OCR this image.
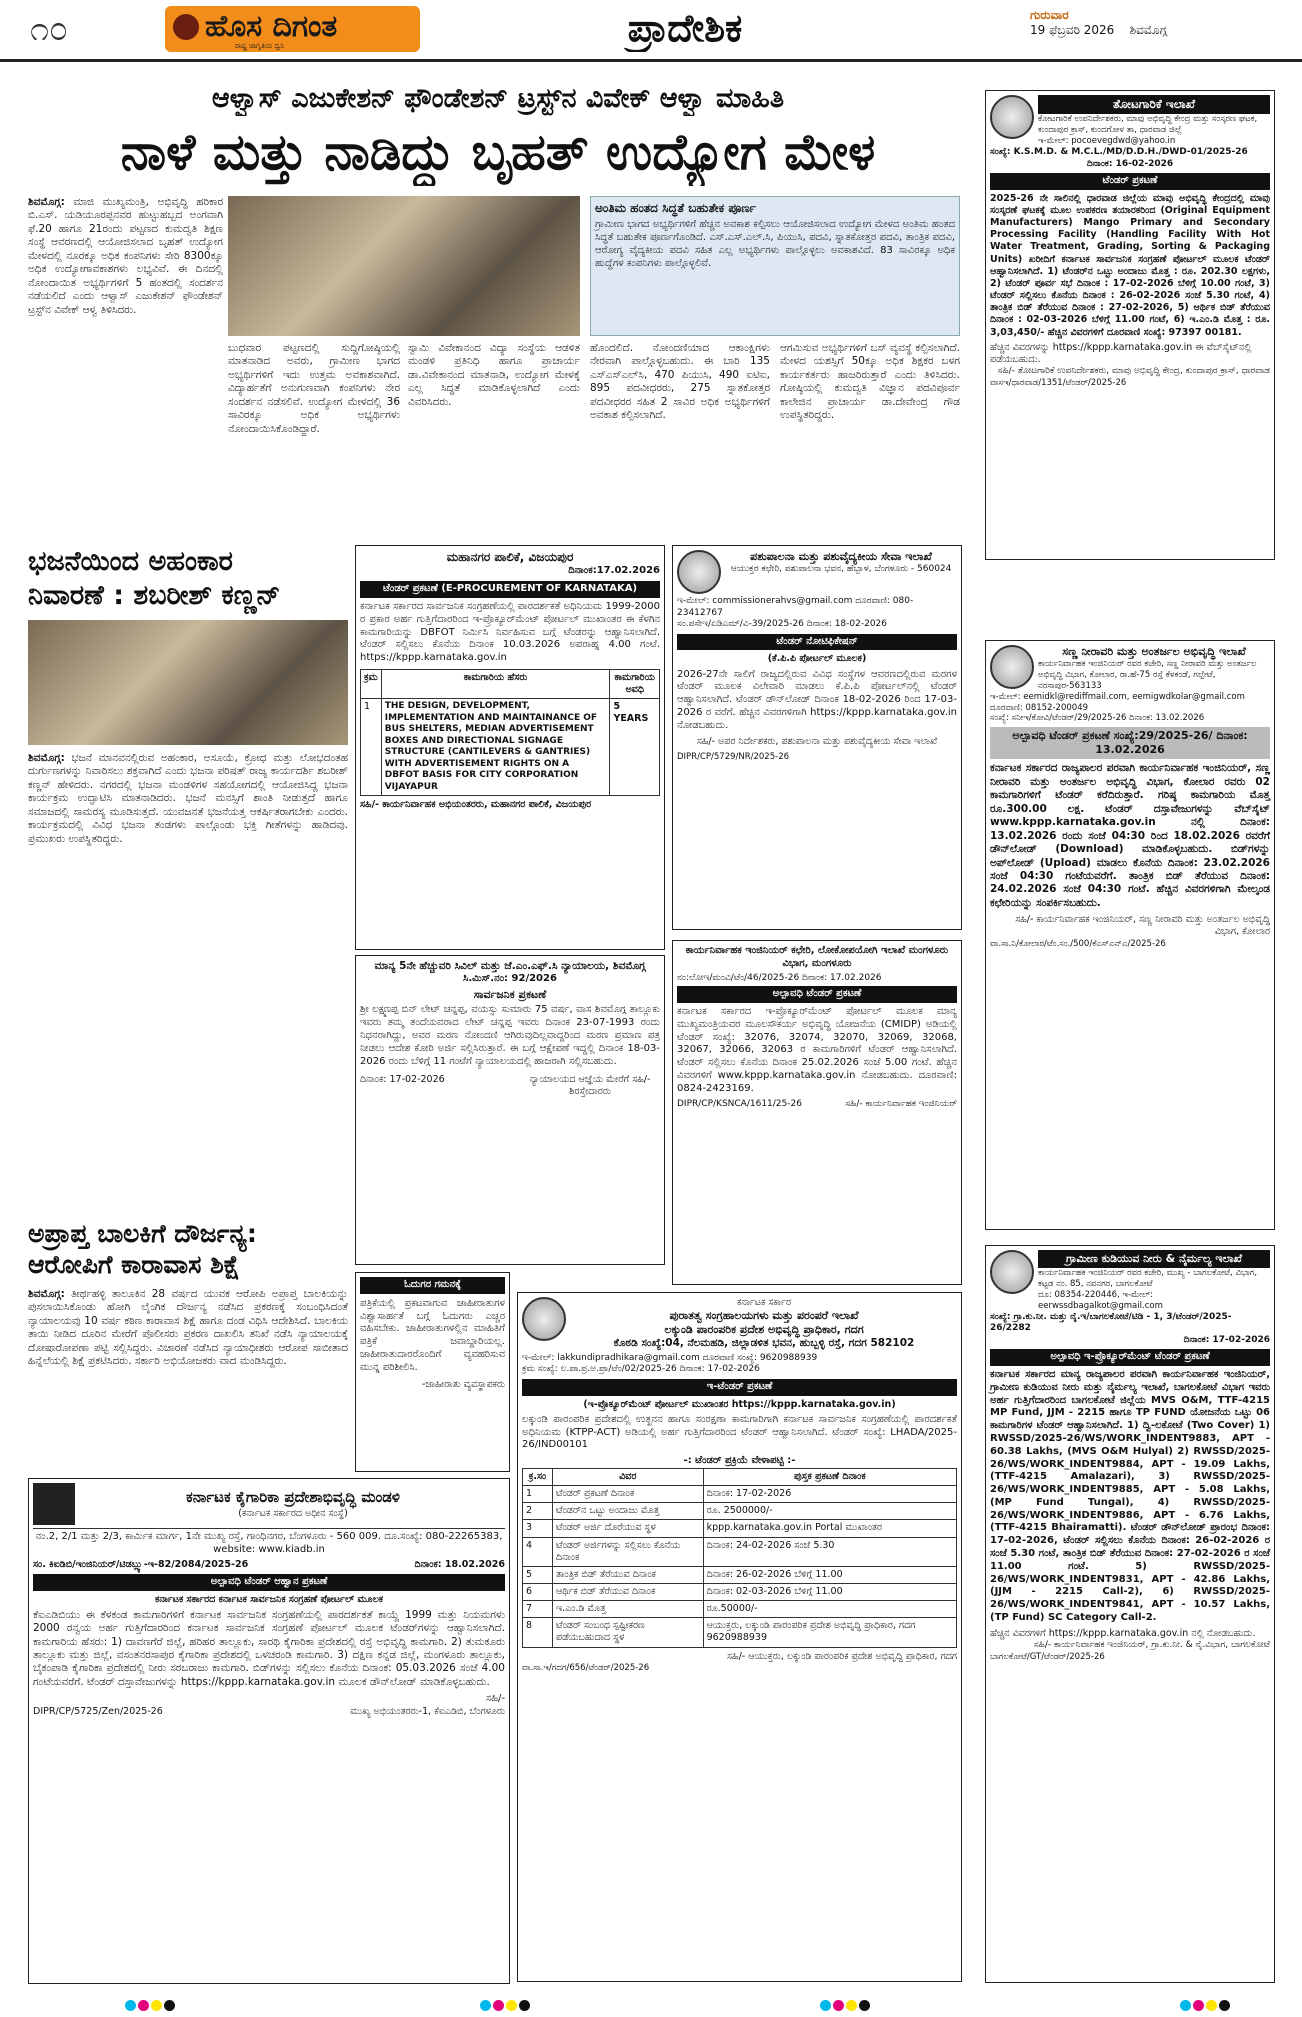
೧೦	ಹೊಸ ದಿಗಂತ
ರಾಷ್ಟ್ರ ಜಾಗೃತಿಯ ಧ್ವನಿ	ಪ್ರಾದೇಶಿಕ	ಗುರುವಾರ
19 ಫೆಬ್ರವರಿ 2026 ಶಿವಮೊಗ್ಗ
ಆಳ್ವಾಸ್ ಎಜುಕೇಶನ್ ಫೌಂಡೇಶನ್ ಟ್ರಸ್ಟ್‌ನ ವಿವೇಕ್ ಆಳ್ವಾ ಮಾಹಿತಿ
ನಾಳೆ ಮತ್ತು ನಾಡಿದ್ದು ಬೃಹತ್ ಉದ್ಯೋಗ ಮೇಳ

ಶಿವಮೊಗ್ಗ: ಮಾಜಿ ಮುಖ್ಯಮಂತ್ರಿ, ಅಭಿವೃದ್ಧಿ ಹರಿಕಾರ ಬಿ.ಎಸ್. ಯಡಿಯೂರಪ್ಪನವರ ಹುಟ್ಟುಹಬ್ಬದ ಅಂಗವಾಗಿ ಫೆ.20 ಹಾಗೂ 21ರಂದು ಪಟ್ಟಣದ ಕುಮದ್ವತಿ ಶಿಕ್ಷಣ ಸಂಸ್ಥೆ ಆವರಣದಲ್ಲಿ ಆಯೋಜಿಸಲಾದ ಬೃಹತ್ ಉದ್ಯೋಗ ಮೇಳದಲ್ಲಿ ನೂರಕ್ಕೂ ಅಧಿಕ ಕಂಪನಿಗಳು ಸೇರಿ 8300ಕ್ಕೂ ಅಧಿಕ ಉದ್ಯೋಗಾವಕಾಶಗಳು ಲಭ್ಯವಿವೆ. ಈ ದಿನದಲ್ಲಿ ನೋಂದಾಯಿತ ಅಭ್ಯರ್ಥಿಗಳಿಗೆ 5 ಹಂತದಲ್ಲಿ ಸಂದರ್ಶನ ನಡೆಯಲಿದೆ ಎಂದು ಆಳ್ವಾಸ್ ಎಜುಕೇಶನ್ ಫೌಂಡೇಶನ್ ಟ್ರಸ್ಟ್‌ನ ವಿವೇಕ್ ಆಳ್ವ ತಿಳಿಸಿದರು.

ಬುಧವಾರ ಪಟ್ಟಣದಲ್ಲಿ ಸುದ್ದಿಗೋಷ್ಠಿಯಲ್ಲಿ ಮಾತನಾಡಿದ ಅವರು, ಗ್ರಾಮೀಣ ಭಾಗದ ಅಭ್ಯರ್ಥಿಗಳಿಗೆ ಇದು ಉತ್ತಮ ಅವಕಾಶವಾಗಿದೆ. ವಿದ್ಯಾರ್ಹತೆಗೆ ಅನುಗುಣವಾಗಿ ಕಂಪನಿಗಳು ನೇರ ಸಂದರ್ಶನ ನಡೆಸಲಿವೆ. ಉದ್ಯೋಗ ಮೇಳದಲ್ಲಿ 36 ಸಾವಿರಕ್ಕೂ ಅಧಿಕ ಅಭ್ಯರ್ಥಿಗಳು ನೋಂದಾಯಿಸಿಕೊಂಡಿದ್ದಾರೆ.

ಸ್ವಾಮಿ ವಿವೇಕಾನಂದ ವಿದ್ಯಾ ಸಂಸ್ಥೆಯ ಆಡಳಿತ ಮಂಡಳಿ ಪ್ರತಿನಿಧಿ ಹಾಗೂ ಪ್ರಾಚಾರ್ಯ ಡಾ.ವಿವೇಕಾನಂದ ಮಾತನಾಡಿ, ಉದ್ಯೋಗ ಮೇಳಕ್ಕೆ ಎಲ್ಲ ಸಿದ್ಧತೆ ಮಾಡಿಕೊಳ್ಳಲಾಗಿದೆ ಎಂದು ವಿವರಿಸಿದರು.

ಅಂತಿಮ ಹಂತದ ಸಿದ್ಧತೆ ಬಹುತೇಕ ಪೂರ್ಣ

ಗ್ರಾಮೀಣ ಭಾಗದ ಅಭ್ಯರ್ಥಿಗಳಿಗೆ ಹೆಚ್ಚಿನ ಅವಕಾಶ ಕಲ್ಪಿಸಲು ಆಯೋಜಿಸಲಾದ ಉದ್ಯೋಗ ಮೇಳದ ಅಂತಿಮ ಹಂತದ ಸಿದ್ಧತೆ ಬಹುತೇಕ ಪೂರ್ಣಗೊಂಡಿದೆ. ಎಸ್.ಎಸ್.ಎಲ್.ಸಿ, ಪಿಯುಸಿ, ಪದವಿ, ಸ್ನಾತಕೋತ್ತರ ಪದವಿ, ತಾಂತ್ರಿಕ ಪದವಿ, ಆರೋಗ್ಯ ವೈದ್ಯಕೀಯ ಪದವಿ ಸಹಿತ ಎಲ್ಲ ಅಭ್ಯರ್ಥಿಗಳು ಪಾಲ್ಗೊಳ್ಳಲು ಅವಕಾಶವಿದೆ. 83 ಸಾವಿರಕ್ಕೂ ಅಧಿಕ ಹುದ್ದೆಗಳ ಕಂಪನಿಗಳು ಪಾಲ್ಗೊಳ್ಳಲಿವೆ.

ಹೊಂದಲಿದೆ. ನೋಂದಣಿಯಾದ ಆಕಾಂಕ್ಷಿಗಳು ನೇರವಾಗಿ ಪಾಲ್ಗೊಳ್ಳಬಹುದು. ಈ ಬಾರಿ 135 ಎಸ್ಎಸ್ಎಲ್‌ಸಿ, 470 ಪಿಯುಸಿ, 490 ಐಟಿಐ, 895 ಪದವೀಧರರು, 275 ಸ್ನಾತಕೋತ್ತರ ಪದವೀಧರರ ಸಹಿತ 2 ಸಾವಿರ ಅಧಿಕ ಅಭ್ಯರ್ಥಿಗಳಿಗೆ ಅವಕಾಶ ಕಲ್ಪಿಸಲಾಗಿದೆ.

ಆಗಮಿಸುವ ಅಭ್ಯರ್ಥಿಗಳಿಗೆ ಬಸ್ ವ್ಯವಸ್ಥೆ ಕಲ್ಪಿಸಲಾಗಿದೆ. ಮೇಳದ ಯಶಸ್ಸಿಗೆ 50ಕ್ಕೂ ಅಧಿಕ ಶಿಕ್ಷಕರ ಬಳಗ ಕಾರ್ಯಕರ್ತರು ಹಾಜರಿರುತ್ತಾರೆ ಎಂದು ತಿಳಿಸಿದರು. ಗೋಷ್ಠಿಯಲ್ಲಿ ಕುಮದ್ವತಿ ವಿಜ್ಞಾನ ಪದವಿಪೂರ್ವ ಕಾಲೇಜಿನ ಪ್ರಾಚಾರ್ಯ ಡಾ.ದೇವೇಂದ್ರ ಗೌಡ ಉಪಸ್ಥಿತರಿದ್ದರು.

ಭಜನೆಯಿಂದ ಅಹಂಕಾರ
ನಿವಾರಣೆ : ಶಬರೀಶ್ ಕಣ್ಣನ್

ಶಿವಮೊಗ್ಗ: ಭಜನೆ ಮಾನವನಲ್ಲಿರುವ ಅಹಂಕಾರ, ಅಸೂಯೆ, ಕ್ರೋಧ ಮತ್ತು ಲೋಭದಂತಹ ದುರ್ಗುಣಗಳನ್ನು ನಿವಾರಿಸಲು ಶಕ್ತವಾಗಿದೆ ಎಂದು ಭಜನಾ ಪರಿಷತ್ ರಾಜ್ಯ ಕಾರ್ಯದರ್ಶಿ ಶಬರೀಶ್ ಕಣ್ಣನ್ ಹೇಳಿದರು. ನಗರದಲ್ಲಿ ಭಜನಾ ಮಂಡಳಿಗಳ ಸಹಯೋಗದಲ್ಲಿ ಆಯೋಜಿಸಿದ್ದ ಭಜನಾ ಕಾರ್ಯಕ್ರಮ ಉದ್ಘಾಟಿಸಿ ಮಾತನಾಡಿದರು. ಭಜನೆ ಮನಸ್ಸಿಗೆ ಶಾಂತಿ ನೀಡುತ್ತದೆ ಹಾಗೂ ಸಮಾಜದಲ್ಲಿ ಸಾಮರಸ್ಯ ಮೂಡಿಸುತ್ತದೆ. ಯುವಜನತೆ ಭಜನೆಯತ್ತ ಆಕರ್ಷಿತರಾಗಬೇಕು ಎಂದರು. ಕಾರ್ಯಕ್ರಮದಲ್ಲಿ ವಿವಿಧ ಭಜನಾ ತಂಡಗಳು ಪಾಲ್ಗೊಂಡು ಭಕ್ತಿ ಗೀತೆಗಳನ್ನು ಹಾಡಿದವು. ಪ್ರಮುಖರು ಉಪಸ್ಥಿತರಿದ್ದರು.

ಅಪ್ರಾಪ್ತ ಬಾಲಕಿಗೆ ದೌರ್ಜನ್ಯ:
ಆರೋಪಿಗೆ ಕಾರಾವಾಸ ಶಿಕ್ಷೆ

ಶಿವಮೊಗ್ಗ: ತೀರ್ಥಹಳ್ಳಿ ತಾಲೂಕಿನ 28 ವರ್ಷದ ಯುವಕ ಆರೋಪಿ ಅಪ್ರಾಪ್ತ ಬಾಲಕಿಯನ್ನು ಪುಸಲಾಯಿಸಿಕೊಂಡು ಹೋಗಿ ಲೈಂಗಿಕ ದೌರ್ಜನ್ಯ ನಡೆಸಿದ ಪ್ರಕರಣಕ್ಕೆ ಸಂಬಂಧಿಸಿದಂತೆ ನ್ಯಾಯಾಲಯವು 10 ವರ್ಷ ಕಠಿಣ ಕಾರಾವಾಸ ಶಿಕ್ಷೆ ಹಾಗೂ ದಂಡ ವಿಧಿಸಿ ಆದೇಶಿಸಿದೆ. ಬಾಲಕಿಯ ತಾಯಿ ನೀಡಿದ ದೂರಿನ ಮೇರೆಗೆ ಪೊಲೀಸರು ಪ್ರಕರಣ ದಾಖಲಿಸಿ ತನಿಖೆ ನಡೆಸಿ ನ್ಯಾಯಾಲಯಕ್ಕೆ ದೋಷಾರೋಪಣಾ ಪಟ್ಟಿ ಸಲ್ಲಿಸಿದ್ದರು. ವಿಚಾರಣೆ ನಡೆಸಿದ ನ್ಯಾಯಾಧೀಶರು ಆರೋಪ ಸಾಬೀತಾದ ಹಿನ್ನೆಲೆಯಲ್ಲಿ ಶಿಕ್ಷೆ ಪ್ರಕಟಿಸಿದರು. ಸರ್ಕಾರಿ ಅಭಿಯೋಜಕರು ವಾದ ಮಂಡಿಸಿದ್ದರು.

ಮಹಾನಗರ ಪಾಲಿಕೆ, ವಿಜಯಪುರ
ದಿನಾಂಕ:17.02.2026
ಟೆಂಡರ್ ಪ್ರಕಟಣೆ (E-PROCUREMENT OF KARNATAKA)

ಕರ್ನಾಟಕ ಸರ್ಕಾರದ ಸಾರ್ವಜನಿಕ ಸಂಗ್ರಹಣೆಯಲ್ಲಿ ಪಾರದರ್ಶಕತೆ ಅಧಿನಿಯಮ 1999-2000 ರ ಪ್ರಕಾರ ಅರ್ಹ ಗುತ್ತಿಗೆದಾರರಿಂದ ಇ-ಪ್ರೊಕ್ಯೂರ್‌ಮೆಂಟ್ ಪೋರ್ಟಲ್ ಮುಖಾಂತರ ಈ ಕೆಳಗಿನ ಕಾಮಗಾರಿಯನ್ನು DBFOT ನಿರ್ಮಿಸಿ ನಿರ್ವಹಿಸುವ ಬಗ್ಗೆ ಟೆಂಡರನ್ನು ಆಹ್ವಾನಿಸಲಾಗಿದೆ. ಟೆಂಡರ್ ಸಲ್ಲಿಸಲು ಕೊನೆಯ ದಿನಾಂಕ 10.03.2026 ಅಪರಾಹ್ನ 4.00 ಗಂಟೆ. https://kppp.karnataka.gov.in

ಕ್ರಮ	ಕಾಮಗಾರಿಯ ಹೆಸರು	ಕಾಮಗಾರಿಯ ಅವಧಿ
1	THE DESIGN, DEVELOPMENT, IMPLEMENTATION AND MAINTAINANCE OF BUS SHELTERS, MEDIAN ADVERTISEMENT BOXES AND DIRECTIONAL SIGNAGE STRUCTURE (CANTILEVERS & GANTRIES) WITH ADVERTISEMENT RIGHTS ON A DBFOT BASIS FOR CITY CORPORATION VIJAYAPUR	5 YEARS
ಸಹಿ/- ಕಾರ್ಯನಿರ್ವಾಹಕ ಅಭಿಯಂತರರು, ಮಹಾನಗರ ಪಾಲಿಕೆ, ವಿಜಯಪುರ
ಪಶುಪಾಲನಾ ಮತ್ತು ಪಶುವೈದ್ಯಕೀಯ ಸೇವಾ ಇಲಾಖೆ
ಆಯುಕ್ತರ ಕಛೇರಿ, ಪಶುಪಾಲನಾ ಭವನ, ಹೆಬ್ಬಾಳ, ಬೆಂಗಳೂರು - 560024
ಇ-ಮೇಲ್: commissionerahvs@gmail.com ದೂರವಾಣಿ: 080-23412767
ಸಂ.ಪಸೇಇ/ಏಡಿಎಮ್/ವಿ-39/2025-26 ದಿನಾಂಕ: 18-02-2026
ಟೆಂಡರ್ ನೋಟಿಫಿಕೇಷನ್
(ಕೆ.ಪಿ.ಪಿ ಪೋರ್ಟಲ್ ಮೂಲಕ)

2026-27ನೇ ಸಾಲಿಗೆ ರಾಜ್ಯದಲ್ಲಿರುವ ವಿವಿಧ ಸಂಸ್ಥೆಗಳ ಆವರಣದಲ್ಲಿರುವ ಮರಗಳ ಟೆಂಡರ್ ಮೂಲಕ ವಿಲೇವಾರಿ ಮಾಡಲು ಕೆ.ಪಿ.ಪಿ ಪೋರ್ಟಲ್‌ನಲ್ಲಿ ಟೆಂಡರ್ ಆಹ್ವಾನಿಸಲಾಗಿದೆ. ಟೆಂಡರ್ ಡೌನ್‌ಲೋಡ್ ದಿನಾಂಕ 18-02-2026 ರಿಂದ 17-03-2026 ರ ವರೆಗೆ. ಹೆಚ್ಚಿನ ವಿವರಗಳಿಗಾಗಿ https://kppp.karnataka.gov.in ನೋಡಬಹುದು.

ಸಹಿ/- ಅಪರ ನಿರ್ದೇಶಕರು, ಪಶುಪಾಲನಾ ಮತ್ತು ಪಶುವೈದ್ಯಕೀಯ ಸೇವಾ ಇಲಾಖೆ
DIPR/CP/5729/NR/2025-26
ಮಾನ್ಯ 5ನೇ ಹೆಚ್ಚುವರಿ ಸಿವಿಲ್ ಮತ್ತು ಜೆ.ಎಂ.ಎಫ್.ಸಿ ನ್ಯಾಯಾಲಯ, ಶಿವಮೊಗ್ಗ
ಸಿ.ಮಿಸ್.ನಂ: 92/2026
ಸಾರ್ವಜನಿಕ ಪ್ರಕಟಣೆ

ಶ್ರೀ ಲಕ್ಷ್ಮಣಪ್ಪ ಬಿನ್ ಲೇಟ್ ಚನ್ನಪ್ಪ, ವಯಸ್ಸು ಸುಮಾರು 75 ವರ್ಷ, ವಾಸ ಶಿವಮೊಗ್ಗ ತಾಲ್ಲೂಕು ಇವರು ತಮ್ಮ ತಂದೆಯವರಾದ ಲೇಟ್ ಚನ್ನಪ್ಪ ಇವರು ದಿನಾಂಕ 23-07-1993 ರಂದು ನಿಧನರಾಗಿದ್ದು, ಅವರ ಮರಣ ನೋಂದಣಿ ಆಗಿರುವುದಿಲ್ಲವಾದ್ದರಿಂದ ಮರಣ ಪ್ರಮಾಣ ಪತ್ರ ನೀಡಲು ಆದೇಶ ಕೋರಿ ಅರ್ಜಿ ಸಲ್ಲಿಸಿರುತ್ತಾರೆ. ಈ ಬಗ್ಗೆ ಆಕ್ಷೇಪಣೆ ಇದ್ದಲ್ಲಿ ದಿನಾಂಕ 18-03-2026 ರಂದು ಬೆಳಿಗ್ಗೆ 11 ಗಂಟೆಗೆ ನ್ಯಾಯಾಲಯದಲ್ಲಿ ಹಾಜರಾಗಿ ಸಲ್ಲಿಸಬಹುದು.

ದಿನಾಂಕ: 17-02-2026	ನ್ಯಾಯಾಲಯದ ಆಜ್ಞೆಯ ಮೇರೆಗೆ ಸಹಿ/- ಶಿರಸ್ತೇದಾರರು
ಓದುಗರ ಗಮನಕ್ಕೆ

ಪತ್ರಿಕೆಯಲ್ಲಿ ಪ್ರಕಟವಾಗುವ ಜಾಹೀರಾತುಗಳ ವಿಶ್ವಾಸಾರ್ಹತೆ ಬಗ್ಗೆ ಓದುಗರು ಎಚ್ಚರ ವಹಿಸಬೇಕು. ಜಾಹೀರಾತುಗಳಲ್ಲಿನ ಮಾಹಿತಿಗೆ ಪತ್ರಿಕೆ ಜವಾಬ್ದಾರಿಯಲ್ಲ. ಜಾಹೀರಾತುದಾರರೊಂದಿಗೆ ವ್ಯವಹರಿಸುವ ಮುನ್ನ ಪರಿಶೀಲಿಸಿ.

-ಜಾಹೀರಾತು ವ್ಯವಸ್ಥಾಪಕರು
ಕಾರ್ಯನಿರ್ವಾಹಕ ಇಂಜಿನಿಯರ್ ಕಛೇರಿ, ಲೋಕೋಪಯೋಗಿ ಇಲಾಖೆ ಮಂಗಳೂರು ವಿಭಾಗ, ಮಂಗಳೂರು
ನಂ:ಲೋಇ/ಮಂವಿ/ಟೆಂ/46/2025-26 ದಿನಾಂಕ: 17.02.2026
ಅಲ್ಪಾವಧಿ ಟೆಂಡರ್ ಪ್ರಕಟಣೆ

ಕರ್ನಾಟಕ ಸರ್ಕಾರದ ಇ-ಪ್ರೊಕ್ಯೂರ್‌ಮೆಂಟ್ ಪೋರ್ಟಲ್ ಮೂಲಕ ಮಾನ್ಯ ಮುಖ್ಯಮಂತ್ರಿಯವರ ಮೂಲಸೌಕರ್ಯ ಅಭಿವೃದ್ಧಿ ಯೋಜನೆಯ (CMIDP) ಅಡಿಯಲ್ಲಿ ಟೆಂಡರ್ ಸಂಖ್ಯೆ: 32076, 32074, 32070, 32069, 32068, 32067, 32066, 32063 ರ ಕಾಮಗಾರಿಗಳಿಗೆ ಟೆಂಡರ್ ಆಹ್ವಾನಿಸಲಾಗಿದೆ. ಟೆಂಡರ್ ಸಲ್ಲಿಸಲು ಕೊನೆಯ ದಿನಾಂಕ 25.02.2026 ಸಂಜೆ 5.00 ಗಂಟೆ. ಹೆಚ್ಚಿನ ವಿವರಗಳಿಗೆ www.kppp.karnataka.gov.in ನೋಡಬಹುದು. ದೂರವಾಣಿ: 0824-2423169.

DIPR/CP/KSNCA/1611/25-26	ಸಹಿ/- ಕಾರ್ಯನಿರ್ವಾಹಕ ಇಂಜಿನಿಯರ್
ಕರ್ನಾಟಕ ಸರ್ಕಾರ
ಪುರಾತತ್ವ ಸಂಗ್ರಹಾಲಯಗಳು ಮತ್ತು ಪರಂಪರೆ ಇಲಾಖೆ
ಲಕ್ಕುಂಡಿ ಪಾರಂಪರಿಕ ಪ್ರದೇಶ ಅಭಿವೃದ್ಧಿ ಪ್ರಾಧಿಕಾರ, ಗದಗ
ಕೊಠಡಿ ಸಂಖ್ಯೆ:04, ನೆಲಮಹಡಿ, ಜಿಲ್ಲಾಡಳಿತ ಭವನ, ಹುಬ್ಬಳ್ಳಿ ರಸ್ತೆ, ಗದಗ 582102
ಇ-ಮೇಲ್: lakkundipradhikara@gmail.com ದೂರವಾಣಿ ಸಂಖ್ಯೆ: 9620988939
ಕ್ರಮ ಸಂಖ್ಯೆ: ಲ.ಪಾ.ಪ್ರ.ಅ.ಪ್ರಾ/ಟೆಂ/02/2025-26 ದಿನಾಂಕ: 17-02-2026
ಇ-ಟೆಂಡರ್ ಪ್ರಕಟಣೆ
(ಇ-ಪ್ರೊಕ್ಯೂರ್‌ಮೆಂಟ್ ಪೋರ್ಟಲ್ ಮುಖಾಂತರ https://kppp.karnataka.gov.in)

ಲಕ್ಕುಂಡಿ ಪಾರಂಪರಿಕ ಪ್ರದೇಶದಲ್ಲಿ ಉತ್ಖನನ ಹಾಗೂ ಸಂರಕ್ಷಣಾ ಕಾಮಗಾರಿಗಾಗಿ ಕರ್ನಾಟಕ ಸಾರ್ವಜನಿಕ ಸಂಗ್ರಹಣೆಯಲ್ಲಿ ಪಾರದರ್ಶಕತೆ ಅಧಿನಿಯಮ (KTPP-ACT) ಅಡಿಯಲ್ಲಿ ಅರ್ಹ ಗುತ್ತಿಗೆದಾರರಿಂದ ಟೆಂಡರ್ ಆಹ್ವಾನಿಸಲಾಗಿದೆ. ಟೆಂಡರ್ ಸಂಖ್ಯೆ: LHADA/2025-26/IND00101

-: ಟೆಂಡರ್ ಪ್ರಕ್ರಿಯೆ ವೇಳಾಪಟ್ಟಿ :-
ಕ್ರ.ಸಂ	ವಿವರ	ಪುಸ್ತಕ ಪ್ರಕಟಣೆ ದಿನಾಂಕ
1	ಟೆಂಡರ್ ಪ್ರಕಟಣೆ ದಿನಾಂಕ	ದಿನಾಂಕ: 17-02-2026
2	ಟೆಂಡರ್‌ನ ಒಟ್ಟು ಅಂದಾಜು ಮೊತ್ತ	ರೂ. 2500000/-
3	ಟೆಂಡರ್ ಅರ್ಜಿ ದೊರೆಯುವ ಸ್ಥಳ	kppp.karnataka.gov.in Portal ಮುಖಾಂತರ
4	ಟೆಂಡರ್ ಅರ್ಜಿಗಳನ್ನು ಸಲ್ಲಿಸಲು ಕೊನೆಯ ದಿನಾಂಕ	ದಿನಾಂಕ: 24-02-2026 ಸಂಜೆ 5.30
5	ತಾಂತ್ರಿಕ ಬಿಡ್ ತೆರೆಯುವ ದಿನಾಂಕ	ದಿನಾಂಕ: 26-02-2026 ಬೆಳಿಗ್ಗೆ 11.00
6	ಆರ್ಥಿಕ ಬಿಡ್ ತೆರೆಯುವ ದಿನಾಂಕ	ದಿನಾಂಕ: 02-03-2026 ಬೆಳಿಗ್ಗೆ 11.00
7	ಇ.ಎಂ.ಡಿ ಮೊತ್ತ	ರೂ.50000/-
8	ಟೆಂಡರ್ ಸಂಬಂಧ ಸ್ಪಷ್ಟೀಕರಣ ಪಡೆಯಬಹುದಾದ ಸ್ಥಳ	ಆಯುಕ್ತರು, ಲಕ್ಕುಂಡಿ ಪಾರಂಪರಿಕ ಪ್ರದೇಶ ಅಭಿವೃದ್ಧಿ ಪ್ರಾಧಿಕಾರ, ಗದಗ 9620988939
ಸಹಿ/- ಆಯುಕ್ತರು, ಲಕ್ಕುಂಡಿ ಪಾರಂಪರಿಕ ಪ್ರದೇಶ ಅಭಿವೃದ್ಧಿ ಪ್ರಾಧಿಕಾರ, ಗದಗ
ವಾ.ಸಾ.ಇ/ಗದಗ/656/ಟೆಂಡರ್/2025-26
ಕರ್ನಾಟಕ ಕೈಗಾರಿಕಾ ಪ್ರದೇಶಾಭಿವೃದ್ಧಿ ಮಂಡಳಿ
(ಕರ್ನಾಟಕ ಸರ್ಕಾರದ ಅಧೀನ ಸಂಸ್ಥೆ)
ನಂ.2, 2/1 ಮತ್ತು 2/3, ಕಾರ್ಮಿಕ ಮಾರ್ಗ, 1ನೇ ಮುಖ್ಯ ರಸ್ತೆ, ಗಾಂಧಿನಗರ, ಬೆಂಗಳೂರು - 560 009. ದೂ.ಸಂಖ್ಯೆ: 080-22265383, website: www.kiadb.in
ಸಂ. ಕಿಐಡಿಬಿ/ಇಂಜಿನಿಯರ್/ಟಿ‍ಡಬ್ಲ್ಯು-ಇ-82/2084/2025-26	ದಿನಾಂಕ: 18.02.2026
ಅಲ್ಪಾವಧಿ ಟೆಂಡರ್ ಆಹ್ವಾನ ಪ್ರಕಟಣೆ
ಕರ್ನಾಟಕ ಸರ್ಕಾರದ ಕರ್ನಾಟಕ ಸಾರ್ವಜನಿಕ ಸಂಗ್ರಹಣೆ ಪೋರ್ಟಲ್ ಮೂಲಕ

ಕೆಐಎಡಿಬಿಯು ಈ ಕೆಳಕಂಡ ಕಾಮಗಾರಿಗಳಿಗೆ ಕರ್ನಾಟಕ ಸಾರ್ವಜನಿಕ ಸಂಗ್ರಹಣೆಯಲ್ಲಿ ಪಾರದರ್ಶಕತೆ ಕಾಯ್ದೆ 1999 ಮತ್ತು ನಿಯಮಗಳು 2000 ರನ್ವಯ ಅರ್ಹ ಗುತ್ತಿಗೆದಾರರಿಂದ ಕರ್ನಾಟಕ ಸಾರ್ವಜನಿಕ ಸಂಗ್ರಹಣೆ ಪೋರ್ಟಲ್ ಮೂಲಕ ಟೆಂಡರ್‌ಗಳನ್ನು ಆಹ್ವಾನಿಸಲಾಗಿದೆ. ಕಾಮಗಾರಿಯ ಹೆಸರು: 1) ದಾವಣಗೆರೆ ಜಿಲ್ಲೆ, ಹರಿಹರ ತಾಲ್ಲೂಕು, ಸಾರಥಿ ಕೈಗಾರಿಕಾ ಪ್ರದೇಶದಲ್ಲಿ ರಸ್ತೆ ಅಭಿವೃದ್ಧಿ ಕಾಮಗಾರಿ. 2) ತುಮಕೂರು ತಾಲ್ಲೂಕು ಮತ್ತು ಜಿಲ್ಲೆ, ವಸಂತನರಸಾಪುರ ಕೈಗಾರಿಕಾ ಪ್ರದೇಶದಲ್ಲಿ ಒಳಚರಂಡಿ ಕಾಮಗಾರಿ. 3) ದಕ್ಷಿಣ ಕನ್ನಡ ಜಿಲ್ಲೆ, ಮಂಗಳೂರು ತಾಲ್ಲೂಕು, ಬೈಕಂಪಾಡಿ ಕೈಗಾರಿಕಾ ಪ್ರದೇಶದಲ್ಲಿ ನೀರು ಸರಬರಾಜು ಕಾಮಗಾರಿ. ಬಿಡ್‌ಗಳನ್ನು ಸಲ್ಲಿಸಲು ಕೊನೆಯ ದಿನಾಂಕ: 05.03.2026 ಸಂಜೆ 4.00 ಗಂಟೆಯವರೆಗೆ. ಟೆಂಡರ್ ದಸ್ತಾವೇಜುಗಳನ್ನು https://kppp.karnataka.gov.in ಮೂಲಕ ಡೌನ್‌ಲೋಡ್ ಮಾಡಿಕೊಳ್ಳಬಹುದು.

ಸಹಿ/-
DIPR/CP/5725/Zen/2025-26	ಮುಖ್ಯ ಅಭಿಯಂತರರು-1, ಕೆಐಎಡಿಬಿ, ಬೆಂಗಳೂರು
ತೋಟಗಾರಿಕೆ ಇಲಾಖೆ
ಕೋಟಗಾರಿಕೆ ಉಪನಿರ್ದೇಶಕರು, ಮಾವು ಅಭಿವೃದ್ಧಿ ಕೇಂದ್ರ ಮತ್ತು ಸಂಸ್ಕರಣ ಘಟಕ, ಕುಂದಾಪುರ ಕ್ರಾಸ್, ಕುಂದಗೋಳ ತಾ, ಧಾರವಾಡ ಜಿಲ್ಲೆ
ಇ-ಮೇಲ್: pocoevegdwd@yahoo.in
ಸಂಖ್ಯೆ: K.S.M.D. & M.C.L./MD/D.D.H./DWD-01/2025-26
ದಿನಾಂಕ: 16-02-2026
ಟೆಂಡರ್ ಪ್ರಕಟಣೆ

2025-26 ನೇ ಸಾಲಿನಲ್ಲಿ ಧಾರವಾಡ ಜಿಲ್ಲೆಯ ಮಾವು ಅಭಿವೃದ್ಧಿ ಕೇಂದ್ರದಲ್ಲಿ ಮಾವು ಸಂಸ್ಕರಣೆ ಘಟಕಕ್ಕೆ ಮೂಲ ಉಪಕರಣ ತಯಾರಕರಿಂದ (Original Equipment Manufacturers) Mango Primary and Secondary Processing Facility (Handling Facility With Hot Water Treatment, Grading, Sorting & Packaging Units) ಖರೀದಿಗೆ ಕರ್ನಾಟಕ ಸಾರ್ವಜನಿಕ ಸಂಗ್ರಹಣೆ ಪೋರ್ಟಲ್ ಮೂಲಕ ಟೆಂಡರ್ ಆಹ್ವಾನಿಸಲಾಗಿದೆ. 1) ಟೆಂಡರ್‌ನ ಒಟ್ಟು ಅಂದಾಜು ಮೊತ್ತ : ರೂ. 202.30 ಲಕ್ಷಗಳು, 2) ಟೆಂಡರ್ ಪೂರ್ವ ಸಭೆ ದಿನಾಂಕ : 17-02-2026 ಬೆಳಿಗ್ಗೆ 10.00 ಗಂಟೆ, 3) ಟೆಂಡರ್ ಸಲ್ಲಿಸಲು ಕೊನೆಯ ದಿನಾಂಕ : 26-02-2026 ಸಂಜೆ 5.30 ಗಂಟೆ, 4) ತಾಂತ್ರಿಕ ಬಿಡ್ ತೆರೆಯುವ ದಿನಾಂಕ : 27-02-2026, 5) ಆರ್ಥಿಕ ಬಿಡ್ ತೆರೆಯುವ ದಿನಾಂಕ : 02-03-2026 ಬೆಳಿಗ್ಗೆ 11.00 ಗಂಟೆ, 6) ಇ.ಎಂ.ಡಿ ಮೊತ್ತ : ರೂ. 3,03,450/- ಹೆಚ್ಚಿನ ವಿವರಗಳಿಗೆ ದೂರವಾಣಿ ಸಂಖ್ಯೆ: 97397 00181.

ಹೆಚ್ಚಿನ ವಿವರಗಳನ್ನು https://kppp.karnataka.gov.in ಈ ವೆಬ್‌ಸೈಟ್‌ನಲ್ಲಿ ಪಡೆಯಬಹುದು.

ಸಹಿ/- ತೋಟಗಾರಿಕೆ ಉಪನಿರ್ದೇಶಕರು, ಮಾವು ಅಭಿವೃದ್ಧಿ ಕೇಂದ್ರ, ಕುಂದಾಪುರ ಕ್ರಾಸ್, ಧಾರವಾಡ
ವಾಸಇ/ಧಾರವಾಡ/1351/ಟೆಂಡರ್/2025-26
ಸಣ್ಣ ನೀರಾವರಿ ಮತ್ತು ಅಂತರ್ಜಲ ಅಭಿವೃದ್ಧಿ ಇಲಾಖೆ
ಕಾರ್ಯನಿರ್ವಾಹಕ ಇಂಜಿನಿಯರ್ ರವರ ಕಚೇರಿ, ಸಣ್ಣ ನೀರಾವರಿ ಮತ್ತು ಅಂತರ್ಜಲ ಅಭಿವೃದ್ಧಿ ವಿಭಾಗ, ಕೋಲಾರ, ರಾ.ಹೆ-75 ರಸ್ತೆ ಕೆಳಕಂಡೆ, ಗಲ್ಪೇಟೆ, ನರಸಾಪುರ-563133
ಇ-ಮೇಲ್: eemidkl@rediffmail.com, eemigwdkolar@gmail.com ದೂರವಾಣಿ: 08152-200049
ಸಂಖ್ಯೆ: ಸನೀಇ/ಕೋವಿ/ಟೆಂಡರ್/29/2025-26 ದಿನಾಂಕ: 13.02.2026
ಅಲ್ಪಾವಧಿ ಟೆಂಡರ್ ಪ್ರಕಟಣೆ ಸಂಖ್ಯೆ:29/2025-26/ ದಿನಾಂಕ: 13.02.2026

ಕರ್ನಾಟಕ ಸರ್ಕಾರದ ರಾಜ್ಯಪಾಲರ ಪರವಾಗಿ ಕಾರ್ಯನಿರ್ವಾಹಕ ಇಂಜಿನಿಯರ್, ಸಣ್ಣ ನೀರಾವರಿ ಮತ್ತು ಅಂತರ್ಜಲ ಅಭಿವೃದ್ಧಿ ವಿಭಾಗ, ಕೋಲಾರ ರವರು 02 ಕಾಮಗಾರಿಗಳಿಗೆ ಟೆಂಡರ್ ಕರೆದಿರುತ್ತಾರೆ. ಗರಿಷ್ಠ ಕಾಮಗಾರಿಯ ಮೊತ್ತ ರೂ.300.00 ಲಕ್ಷ. ಟೆಂಡರ್ ದಸ್ತಾವೇಜುಗಳನ್ನು ವೆಬ್‌ಸೈಟ್ www.kppp.karnataka.gov.in ನಲ್ಲಿ ದಿನಾಂಕ: 13.02.2026 ರಂದು ಸಂಜೆ 04:30 ರಿಂದ 18.02.2026 ರವರೆಗೆ ಡೌನ್‌ಲೋಡ್ (Download) ಮಾಡಿಕೊಳ್ಳಬಹುದು. ಬಿಡ್‌ಗಳನ್ನು ಅಪ್‌ಲೋಡ್ (Upload) ಮಾಡಲು ಕೊನೆಯ ದಿನಾಂಕ: 23.02.2026 ಸಂಜೆ 04:30 ಗಂಟೆಯವರೆಗೆ. ತಾಂತ್ರಿಕ ಬಿಡ್ ತೆರೆಯುವ ದಿನಾಂಕ: 24.02.2026 ಸಂಜೆ 04:30 ಗಂಟೆ. ಹೆಚ್ಚಿನ ವಿವರಗಳಿಗಾಗಿ ಮೇಲ್ಕಂಡ ಕಛೇರಿಯನ್ನು ಸಂಪರ್ಕಿಸಬಹುದು.

ಸಹಿ/- ಕಾರ್ಯನಿರ್ವಾಹಕ ಇಂಜಿನಿಯರ್, ಸಣ್ಣ ನೀರಾವರಿ ಮತ್ತು ಅಂತರ್ಜಲ ಅಭಿವೃದ್ಧಿ ವಿಭಾಗ, ಕೋಲಾರ
ವಾ.ಸಾ.ನಿ/ಕೋಲಾರ/ಟೆಂ.ಸಂ./500/ಕೆಎಸ್ಎನ್ಎ/2025-26
ಗ್ರಾಮೀಣ ಕುಡಿಯುವ ನೀರು & ನೈರ್ಮಲ್ಯ ಇಲಾಖೆ
ಕಾರ್ಯನಿರ್ವಾಹಕ ಇಂಜಿನಿಯರ್ ರವರ ಕಚೇರಿ, ಮುಖ್ಯ - ಬಾಗಲಕೋಟೆ, ವಿಭಾಗ, ಕಟ್ಟಡ ನಂ. 85, ನವನಗರ, ಬಾಗಲಕೋಟೆ
ದೂ: 08354-220446, ಇ-ಮೇಲ್: eerwssdbagalkot@gmail.com
ಸಂಖ್ಯೆ: ಗ್ರಾ.ಕು.ನೀ. ಮತ್ತು ನೈ.ಇ/ಬಾಗಲಕೋಟೆ/ಟಿಡಿ - 1, 3/ಟೆಂಡರ್/2025-26/2282
ದಿನಾಂಕ: 17-02-2026
ಅಲ್ಪಾವಧಿ ಇ-ಪ್ರೊಕ್ಯೂರ್‌ಮೆಂಟ್ ಟೆಂಡರ್ ಪ್ರಕಟಣೆ

ಕರ್ನಾಟಕ ಸರ್ಕಾರದ ಮಾನ್ಯ ರಾಜ್ಯಪಾಲರ ಪರವಾಗಿ ಕಾರ್ಯನಿರ್ವಾಹಕ ಇಂಜಿನಿಯರ್, ಗ್ರಾಮೀಣ ಕುಡಿಯುವ ನೀರು ಮತ್ತು ನೈರ್ಮಲ್ಯ ಇಲಾಖೆ, ಬಾಗಲಕೋಟೆ ವಿಭಾಗ ಇವರು ಅರ್ಹ ಗುತ್ತಿಗೆದಾರರಿಂದ ಬಾಗಲಕೋಟೆ ಜಿಲ್ಲೆಯ MVS O&M, TTF-4215 MP Fund, JJM - 2215 ಹಾಗೂ TP FUND ಯೋಜನೆಯ ಒಟ್ಟು 06 ಕಾಮಗಾರಿಗಳ ಟೆಂಡರ್ ಆಹ್ವಾನಿಸಲಾಗಿದೆ. 1) ದ್ವಿ-ಲಕೋಟೆ (Two Cover) 1) RWSSD/2025-26/WS/WORK_INDENT9883, APT - 60.38 Lakhs, (MVS O&M Hulyal) 2) RWSSD/2025-26/WS/WORK_INDENT9884, APT - 19.09 Lakhs, (TTF-4215 Amalazari), 3) RWSSD/2025-26/WS/WORK_INDENT9885, APT - 5.08 Lakhs, (MP Fund Tungal), 4) RWSSD/2025-26/WS/WORK_INDENT9886, APT - 6.76 Lakhs, (TTF-4215 Bhairamatti). ಟೆಂಡರ್ ಡೌನ್‌ಲೋಡ್ ಪ್ರಾರಂಭ ದಿನಾಂಕ: 17-02-2026, ಟೆಂಡರ್ ಸಲ್ಲಿಸಲು ಕೊನೆಯ ದಿನಾಂಕ: 26-02-2026 ರ ಸಂಜೆ 5.30 ಗಂಟೆ, ತಾಂತ್ರಿಕ ಬಿಡ್ ತೆರೆಯುವ ದಿನಾಂಕ: 27-02-2026 ರ ಸಂಜೆ 11.00 ಗಂಟೆ. 5) RWSSD/2025-26/WS/WORK_INDENT9831, APT - 42.86 Lakhs, (JJM - 2215 Call-2), 6) RWSSD/2025-26/WS/WORK_INDENT9841, APT - 10.57 Lakhs, (TP Fund) SC Category Call-2.

ಹೆಚ್ಚಿನ ವಿವರಗಳಿಗೆ https://kppp.karnataka.gov.in ನಲ್ಲಿ ನೋಡಬಹುದು.

ಸಹಿ/- ಕಾರ್ಯನಿರ್ವಾಹಕ ಇಂಜಿನಿಯರ್, ಗ್ರಾ.ಕು.ನೀ. & ನೈ.ವಿಭಾಗ, ಬಾಗಲಕೋಟೆ
ಬಾಗಲಕೋಟೆ/GT/ಟೆಂಡರ್/2025-26
